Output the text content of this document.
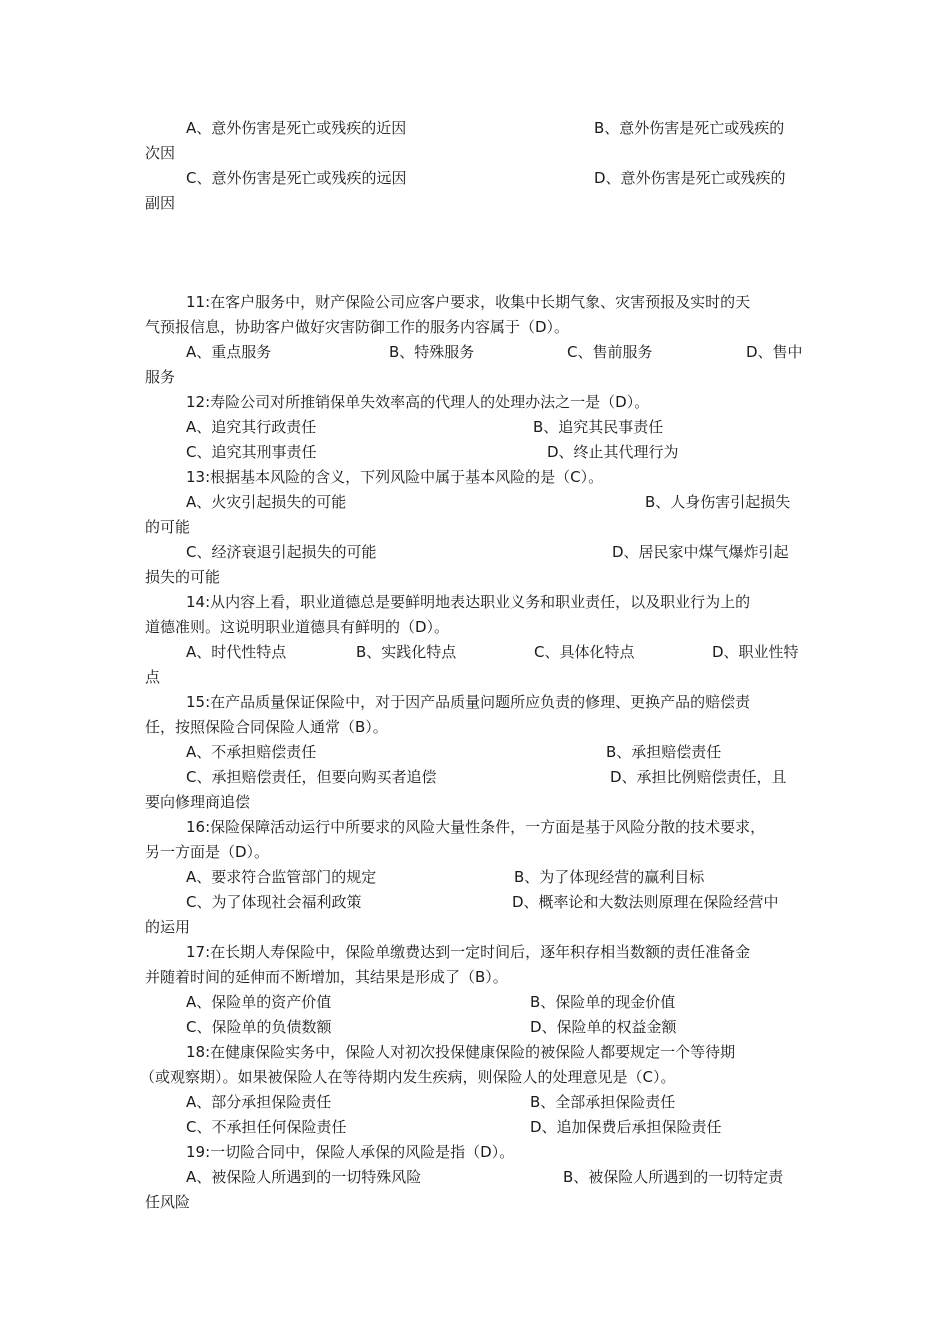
A、意外伤害是死亡或残疾的近因	B、意外伤害是死亡或残疾的
次因
C、意外伤害是死亡或残疾的远因	D、意外伤害是死亡或残疾的
副因
11:在客户服务中，财产保险公司应客户要求，收集中长期气象、灾害预报及实时的天
气预报信息，协助客户做好灾害防御工作的服务内容属于（D）。
A、重点服务	B、特殊服务	C、售前服务	D、售中
服务
12:寿险公司对所推销保单失效率高的代理人的处理办法之一是（D）。
A、追究其行政责任	B、追究其民事责任
C、追究其刑事责任	D、终止其代理行为
13:根据基本风险的含义，下列风险中属于基本风险的是（C）。
A、火灾引起损失的可能	B、人身伤害引起损失
的可能
C、经济衰退引起损失的可能	D、居民家中煤气爆炸引起
损失的可能
14:从内容上看，职业道德总是要鲜明地表达职业义务和职业责任，以及职业行为上的
道德准则。这说明职业道德具有鲜明的（D）。
A、时代性特点	B、实践化特点	C、具体化特点	D、职业性特
点
15:在产品质量保证保险中，对于因产品质量问题所应负责的修理、更换产品的赔偿责
任，按照保险合同保险人通常（B）。
A、不承担赔偿责任	B、承担赔偿责任
C、承担赔偿责任，但要向购买者追偿	D、承担比例赔偿责任，且
要向修理商追偿
16:保险保障活动运行中所要求的风险大量性条件，一方面是基于风险分散的技术要求，
另一方面是（D）。
A、要求符合监管部门的规定	B、为了体现经营的赢利目标
C、为了体现社会福利政策	D、概率论和大数法则原理在保险经营中
的运用
17:在长期人寿保险中，保险单缴费达到一定时间后，逐年积存相当数额的责任准备金
并随着时间的延伸而不断增加，其结果是形成了（B）。
A、保险单的资产价值	B、保险单的现金价值
C、保险单的负债数额	D、保险单的权益金额
18:在健康保险实务中，保险人对初次投保健康保险的被保险人都要规定一个等待期
（或观察期）。如果被保险人在等待期内发生疾病，则保险人的处理意见是（C）。
A、部分承担保险责任	B、全部承担保险责任
C、不承担任何保险责任	D、追加保费后承担保险责任
19:一切险合同中，保险人承保的风险是指（D）。
A、被保险人所遇到的一切特殊风险	B、被保险人所遇到的一切特定责
任风险
